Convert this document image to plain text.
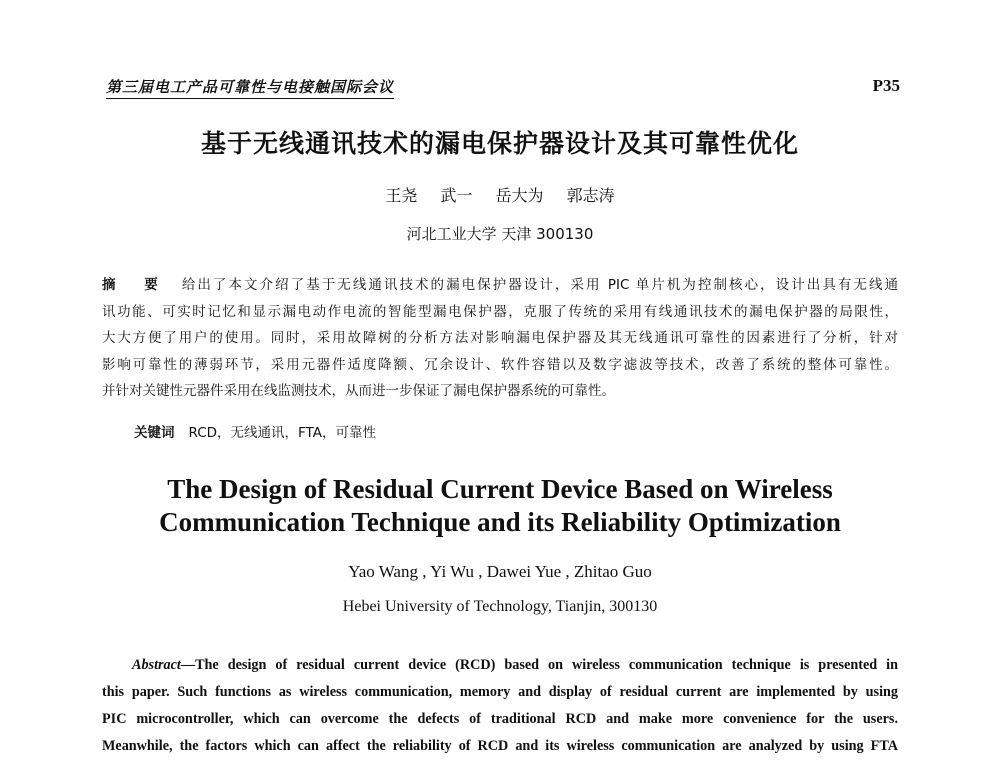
第三届电工产品可靠性与电接触国际会议	P35
基于无线通讯技术的漏电保护器设计及其可靠性优化
王尧 武一 岳大为 郭志涛
河北工业大学 天津 300130
摘 要 给出了本文介绍了基于无线通讯技术的漏电保护器设计，采用 PIC 单片机为控制核心，设计出具有无线通
讯功能、可实时记忆和显示漏电动作电流的智能型漏电保护器，克服了传统的采用有线通讯技术的漏电保护器的局限性，
大大方便了用户的使用。同时，采用故障树的分析方法对影响漏电保护器及其无线通讯可靠性的因素进行了分析，针对
影响可靠性的薄弱环节，采用元器件适度降额、冗余设计、软件容错以及数字滤波等技术，改善了系统的整体可靠性。
并针对关键性元器件采用在线监测技术，从而进一步保证了漏电保护器系统的可靠性。
关键词 RCD，无线通讯，FTA，可靠性
The Design of Residual Current Device Based on Wireless
Communication Technique and its Reliability Optimization
Yao Wang , Yi Wu , Dawei Yue , Zhitao Guo
Hebei University of Technology, Tianjin, 300130
Abstract—The design of residual current device (RCD) based on wireless communication technique is presented in
this paper. Such functions as wireless communication, memory and display of residual current are implemented by using
PIC microcontroller, which can overcome the defects of traditional RCD and make more convenience for the users.
Meanwhile, the factors which can affect the reliability of RCD and its wireless communication are analyzed by using FTA
